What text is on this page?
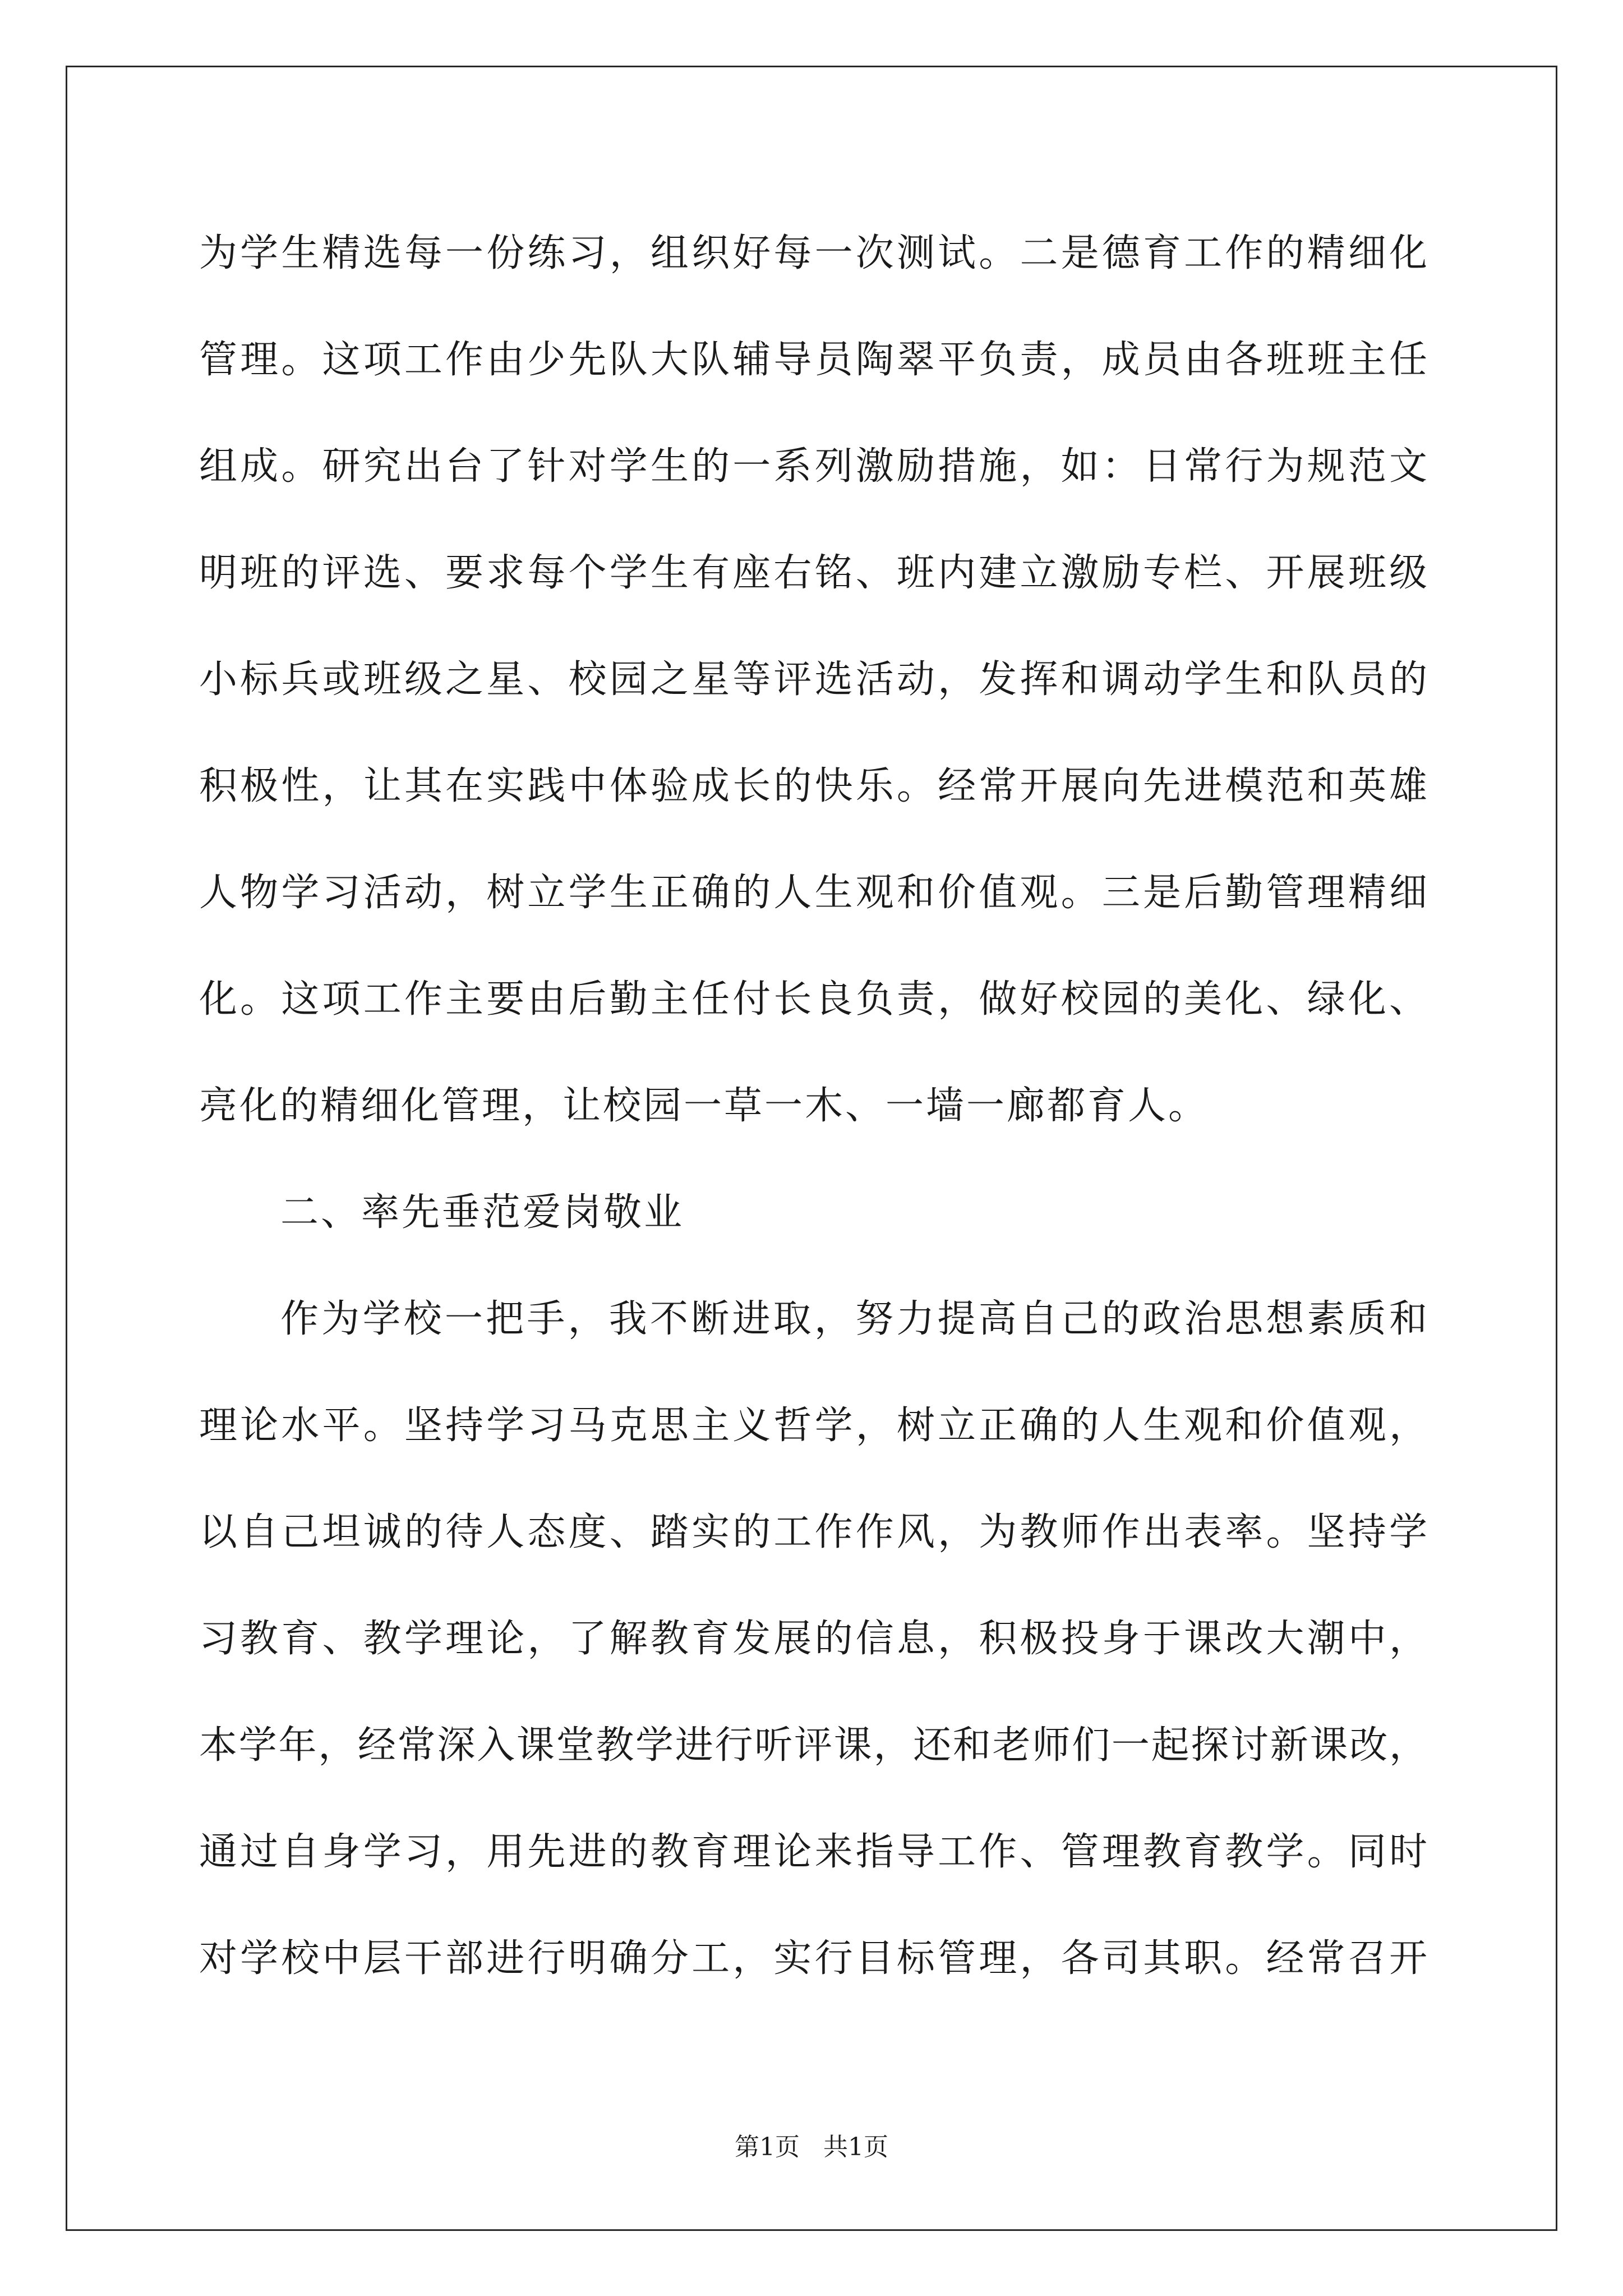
为学生精选每一份练习，组织好每一次测试。二是德育工作的精细化
管理。这项工作由少先队大队辅导员陶翠平负责，成员由各班班主任
组成。研究出台了针对学生的一系列激励措施，如：日常行为规范文
明班的评选、要求每个学生有座右铭、班内建立激励专栏、开展班级
小标兵或班级之星、校园之星等评选活动，发挥和调动学生和队员的
积极性，让其在实践中体验成长的快乐。经常开展向先进模范和英雄
人物学习活动，树立学生正确的人生观和价值观。三是后勤管理精细
化。这项工作主要由后勤主任付长良负责，做好校园的美化、绿化、
亮化的精细化管理，让校园一草一木、一墙一廊都育人。
二、率先垂范爱岗敬业
作为学校一把手，我不断进取，努力提高自己的政治思想素质和
理论水平。坚持学习马克思主义哲学，树立正确的人生观和价值观，
以自己坦诚的待人态度、踏实的工作作风，为教师作出表率。坚持学
习教育、教学理论，了解教育发展的信息，积极投身于课改大潮中，
本学年，经常深入课堂教学进行听评课，还和老师们一起探讨新课改，
通过自身学习，用先进的教育理论来指导工作、管理教育教学。同时
对学校中层干部进行明确分工，实行目标管理，各司其职。经常召开
第1页 共1页
